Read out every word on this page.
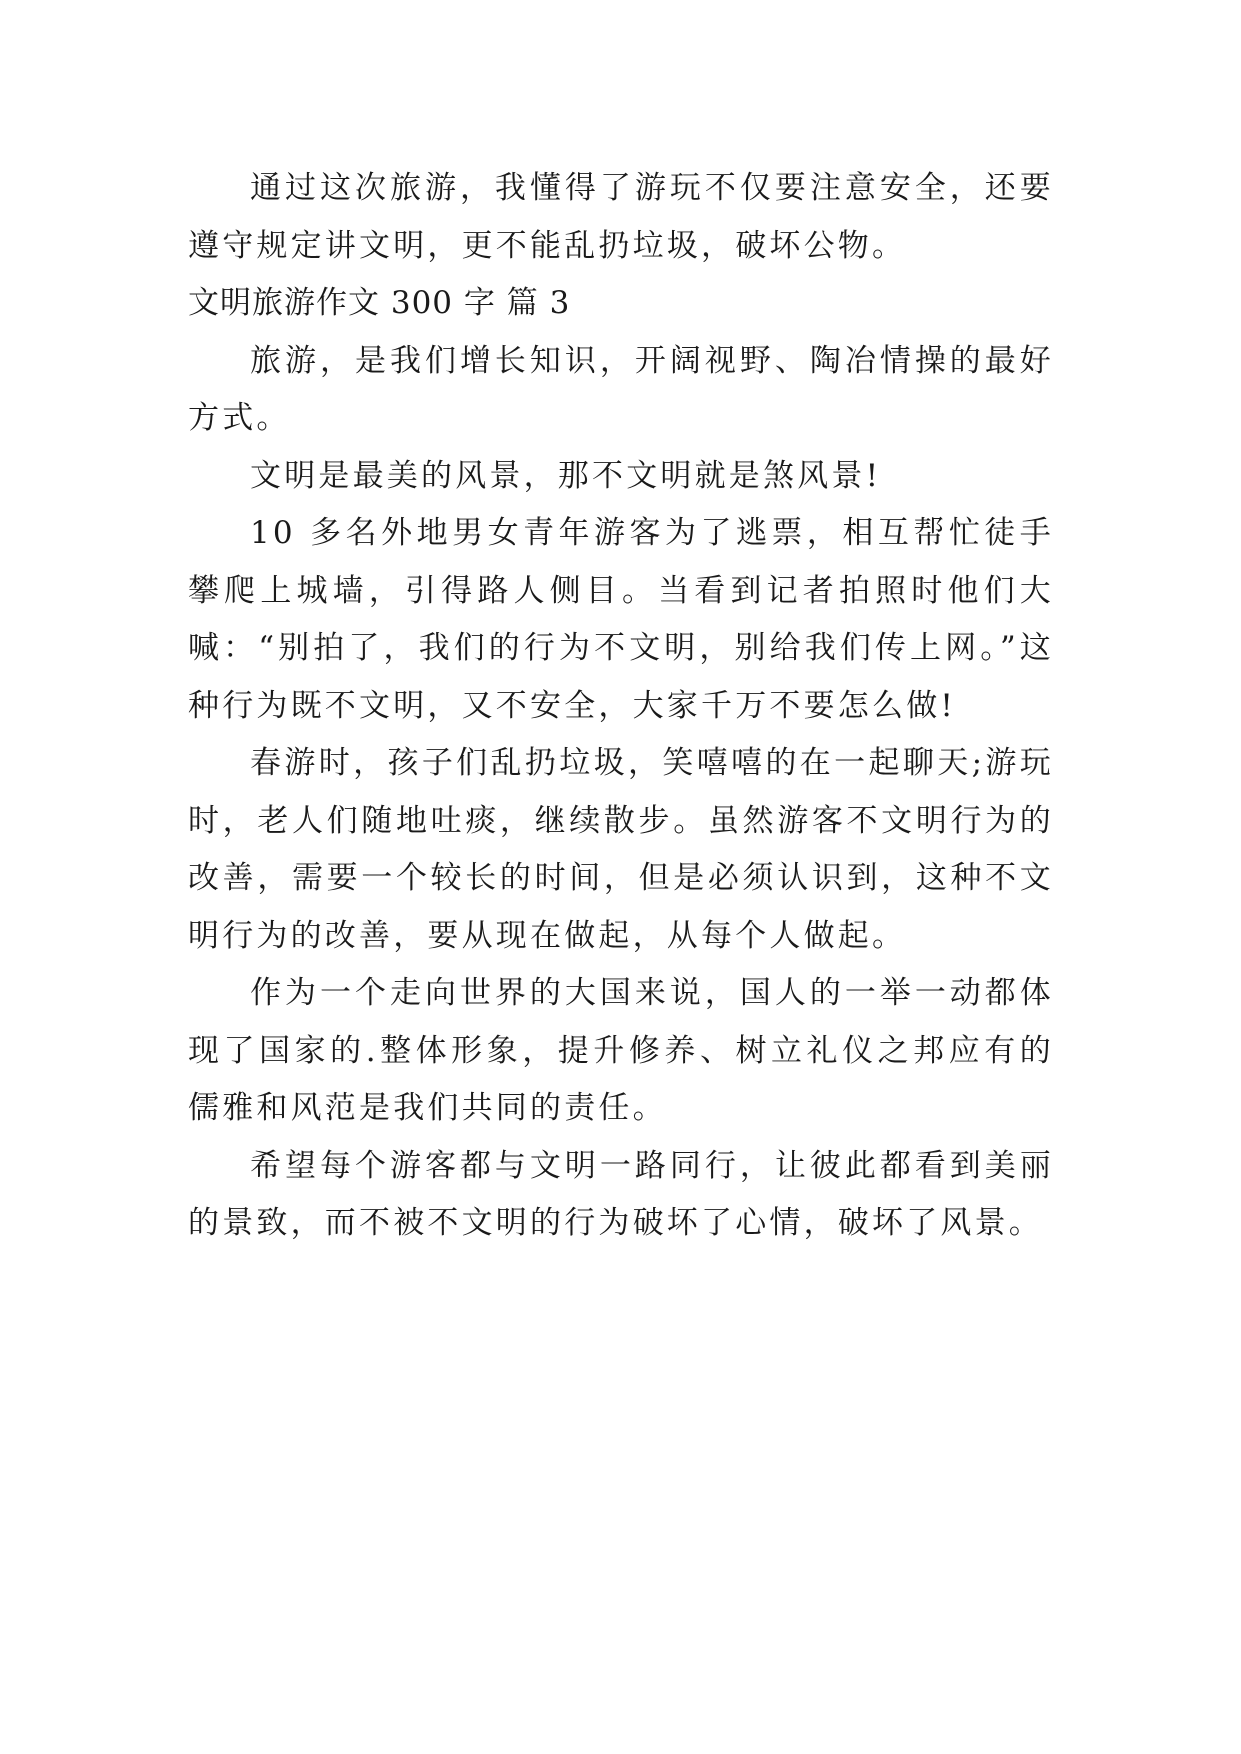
通过这次旅游，我懂得了游玩不仅要注意安全，还要遵守规定讲文明，更不能乱扔垃圾，破坏公物。

文明旅游作文 300 字 篇 3

旅游，是我们增长知识，开阔视野、陶冶情操的最好方式。

文明是最美的风景，那不文明就是煞风景!

10 多名外地男女青年游客为了逃票，相互帮忙徒手攀爬上城墙，引得路人侧目。当看到记者拍照时他们大喊：“别拍了，我们的行为不文明，别给我们传上网。”这种行为既不文明，又不安全，大家千万不要怎么做!

春游时，孩子们乱扔垃圾，笑嘻嘻的在一起聊天;游玩时，老人们随地吐痰，继续散步。虽然游客不文明行为的改善，需要一个较长的时间，但是必须认识到，这种不文明行为的改善，要从现在做起，从每个人做起。

作为一个走向世界的大国来说，国人的一举一动都体现了国家的.整体形象，提升修养、树立礼仪之邦应有的儒雅和风范是我们共同的责任。

希望每个游客都与文明一路同行，让彼此都看到美丽的景致，而不被不文明的行为破坏了心情，破坏了风景。
